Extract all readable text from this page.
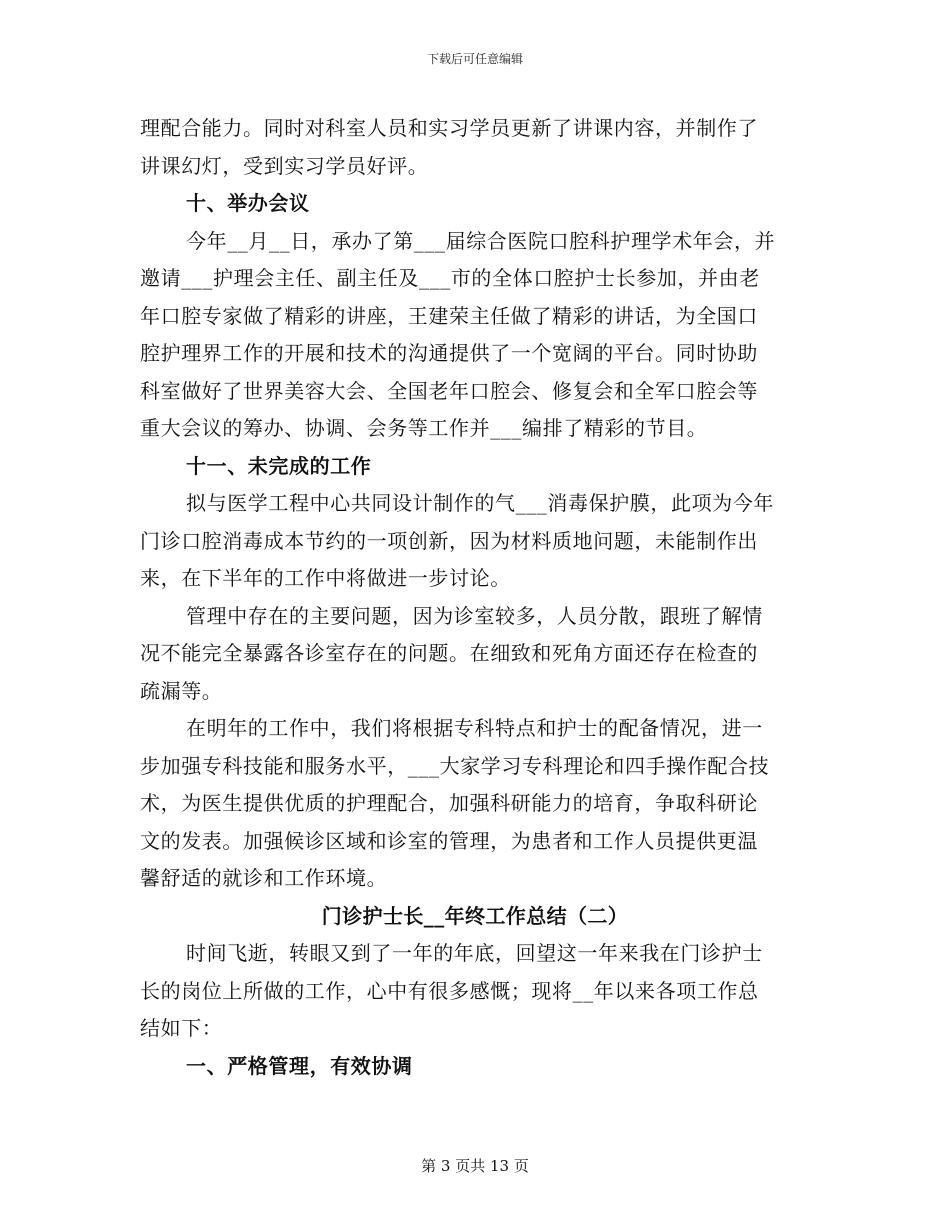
下载后可任意编辑
理配合能力。同时对科室人员和实习学员更新了讲课内容，并制作了
讲课幻灯，受到实习学员好评。
十、举办会议
今年__月__日，承办了第___届综合医院口腔科护理学术年会，并
邀请___护理会主任、副主任及___市的全体口腔护士长参加，并由老
年口腔专家做了精彩的讲座，王建荣主任做了精彩的讲话，为全国口
腔护理界工作的开展和技术的沟通提供了一个宽阔的平台。同时协助
科室做好了世界美容大会、全国老年口腔会、修复会和全军口腔会等
重大会议的筹办、协调、会务等工作并___编排了精彩的节目。
十一、未完成的工作
拟与医学工程中心共同设计制作的气___消毒保护膜，此项为今年
门诊口腔消毒成本节约的一项创新，因为材料质地问题，未能制作出
来，在下半年的工作中将做进一步讨论。
管理中存在的主要问题，因为诊室较多，人员分散，跟班了解情
况不能完全暴露各诊室存在的问题。在细致和死角方面还存在检查的
疏漏等。
在明年的工作中，我们将根据专科特点和护士的配备情况，进一
步加强专科技能和服务水平，___大家学习专科理论和四手操作配合技
术，为医生提供优质的护理配合，加强科研能力的培育，争取科研论
文的发表。加强候诊区域和诊室的管理，为患者和工作人员提供更温
馨舒适的就诊和工作环境。
门诊护士长__年终工作总结（二）
时间飞逝，转眼又到了一年的年底，回望这一年来我在门诊护士
长的岗位上所做的工作，心中有很多感慨；现将__年以来各项工作总
结如下：
一、严格管理，有效协调
第 3 页共 13 页
